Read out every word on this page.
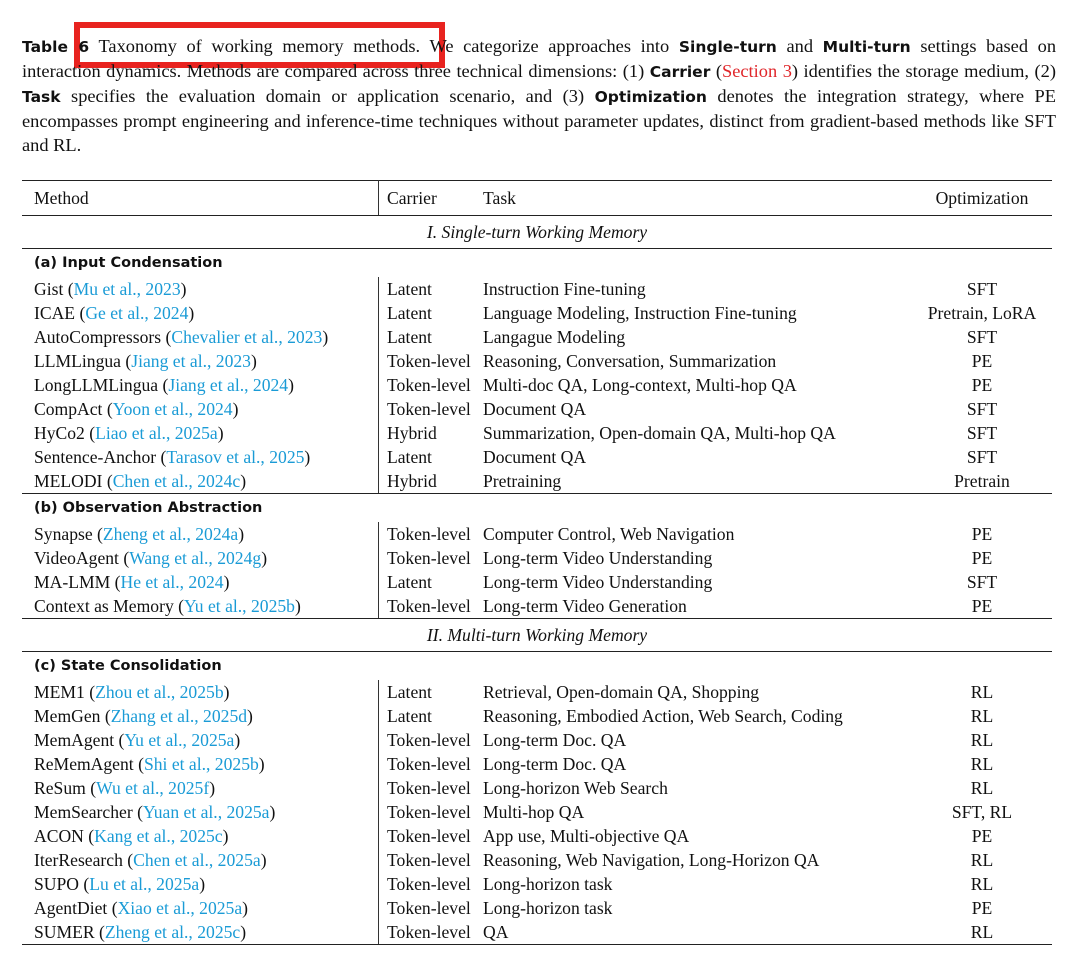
Table 6 Taxonomy of working memory methods. We categorize approaches into Single-turn and Multi-turn settings based on interaction dynamics. Methods are compared across three technical dimensions: (1) Carrier (Section 3) identifies the storage medium, (2) Task specifies the evaluation domain or application scenario, and (3) Optimization denotes the integration strategy, where PE encompasses prompt engineering and inference-time techniques without parameter updates, distinct from gradient-based methods like SFT and RL.
Method	Carrier	Task	Optimization
I. Single-turn Working Memory			
(a) Input Condensation			
Gist (Mu et al., 2023)	Latent	Instruction Fine-tuning	SFT
ICAE (Ge et al., 2024)	Latent	Language Modeling, Instruction Fine-tuning	Pretrain, LoRA
AutoCompressors (Chevalier et al., 2023)	Latent	Langague Modeling	SFT
LLMLingua (Jiang et al., 2023)	Token-level	Reasoning, Conversation, Summarization	PE
LongLLMLingua (Jiang et al., 2024)	Token-level	Multi-doc QA, Long-context, Multi-hop QA	PE
CompAct (Yoon et al., 2024)	Token-level	Document QA	SFT
HyCo2 (Liao et al., 2025a)	Hybrid	Summarization, Open-domain QA, Multi-hop QA	SFT
Sentence-Anchor (Tarasov et al., 2025)	Latent	Document QA	SFT
MELODI (Chen et al., 2024c)	Hybrid	Pretraining	Pretrain
(b) Observation Abstraction			
Synapse (Zheng et al., 2024a)	Token-level	Computer Control, Web Navigation	PE
VideoAgent (Wang et al., 2024g)	Token-level	Long-term Video Understanding	PE
MA-LMM (He et al., 2024)	Latent	Long-term Video Understanding	SFT
Context as Memory (Yu et al., 2025b)	Token-level	Long-term Video Generation	PE
II. Multi-turn Working Memory			
(c) State Consolidation			
MEM1 (Zhou et al., 2025b)	Latent	Retrieval, Open-domain QA, Shopping	RL
MemGen (Zhang et al., 2025d)	Latent	Reasoning, Embodied Action, Web Search, Coding	RL
MemAgent (Yu et al., 2025a)	Token-level	Long-term Doc. QA	RL
ReMemAgent (Shi et al., 2025b)	Token-level	Long-term Doc. QA	RL
ReSum (Wu et al., 2025f)	Token-level	Long-horizon Web Search	RL
MemSearcher (Yuan et al., 2025a)	Token-level	Multi-hop QA	SFT, RL
ACON (Kang et al., 2025c)	Token-level	App use, Multi-objective QA	PE
IterResearch (Chen et al., 2025a)	Token-level	Reasoning, Web Navigation, Long-Horizon QA	RL
SUPO (Lu et al., 2025a)	Token-level	Long-horizon task	RL
AgentDiet (Xiao et al., 2025a)	Token-level	Long-horizon task	PE
SUMER (Zheng et al., 2025c)	Token-level	QA	RL
